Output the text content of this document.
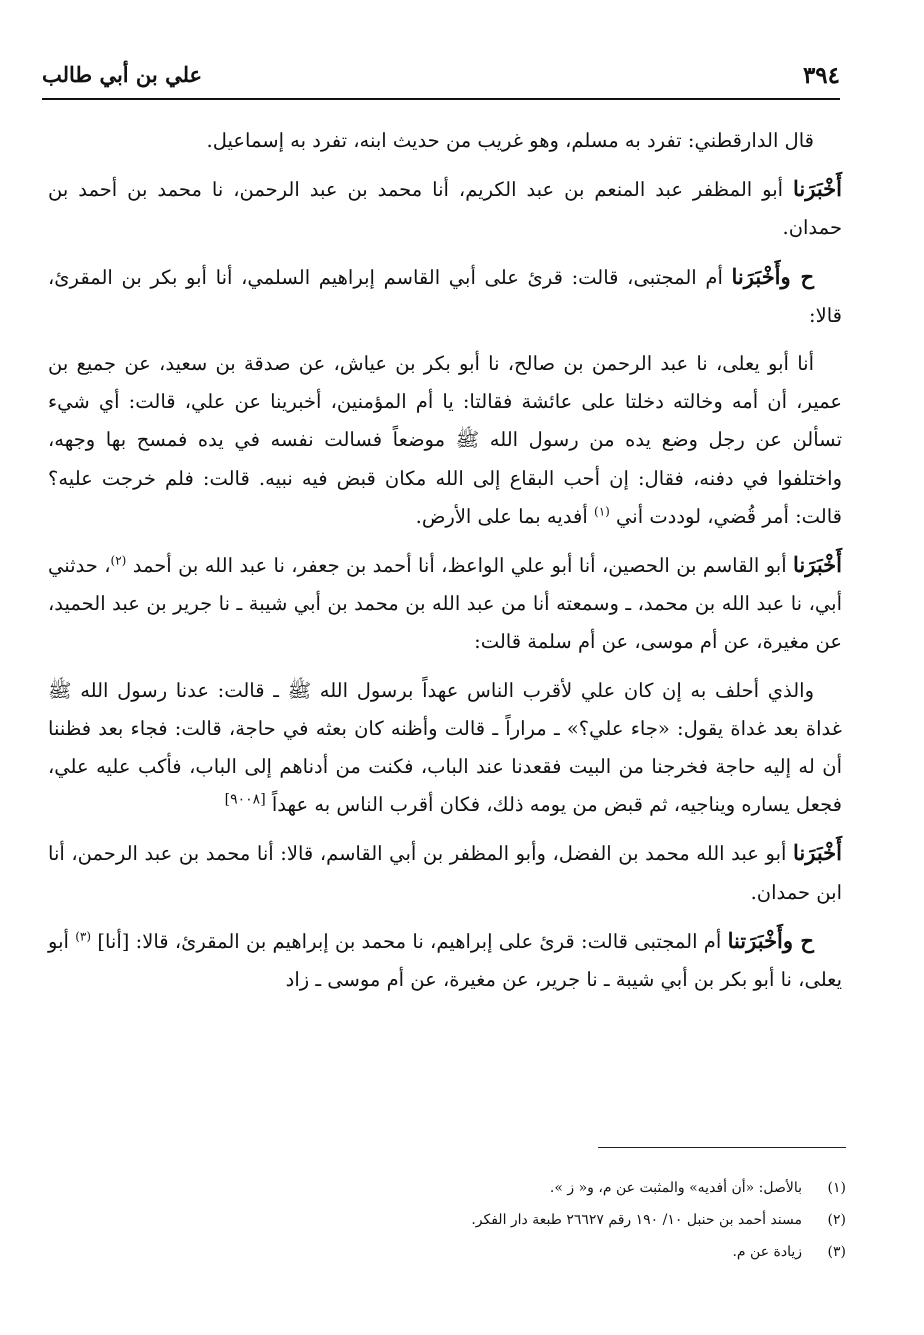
٣٩٤
علي بن أبي طالب

قال الدارقطني: تفرد به مسلم، وهو غريب من حديث ابنه، تفرد به إسماعيل.

أَخْبَرَنا أبو المظفر عبد المنعم بن عبد الكريم، أنا محمد بن عبد الرحمن، نا محمد بن أحمد بن حمدان.

ح وأَخْبَرَنا أم المجتبى، قالت: قرئ على أبي القاسم إبراهيم السلمي، أنا أبو بكر بن المقرئ، قالا:

أنا أبو يعلى، نا عبد الرحمن بن صالح، نا أبو بكر بن عياش، عن صدقة بن سعيد، عن جميع بن عمير، أن أمه وخالته دخلتا على عائشة فقالتا: يا أم المؤمنين، أخبرينا عن علي، قالت: أي شيء تسألن عن رجل وضع يده من رسول الله ﷺ موضعاً فسالت نفسه في يده فمسح بها وجهه، واختلفوا في دفنه، فقال: إن أحب البقاع إلى الله مكان قبض فيه نبيه. قالت: فلم خرجت عليه؟ قالت: أمر قُضي، لوددت أني $^{(١)}$ أفديه بما على الأرض.

أَخْبَرَنا أبو القاسم بن الحصين، أنا أبو علي الواعظ، أنا أحمد بن جعفر، نا عبد الله بن أحمد $^{(٢)}$، حدثني أبي، نا عبد الله بن محمد، ـ وسمعته أنا من عبد الله بن محمد بن أبي شيبة ـ نا جرير بن عبد الحميد، عن مغيرة، عن أم موسى، عن أم سلمة قالت:

والذي أحلف به إن كان علي لأقرب الناس عهداً برسول الله ﷺ ـ قالت: عدنا رسول الله ﷺ غداة بعد غداة يقول: «جاء علي؟» ـ مراراً ـ قالت وأظنه كان بعثه في حاجة، قالت: فجاء بعد فظننا أن له إليه حاجة فخرجنا من البيت فقعدنا عند الباب، فكنت من أدناهم إلى الباب، فأكب عليه علي، فجعل يساره ويناجيه، ثم قبض من يومه ذلك، فكان أقرب الناس به عهداً [٩٠٠٨]

أَخْبَرَنا أبو عبد الله محمد بن الفضل، وأبو المظفر بن أبي القاسم، قالا: أنا محمد بن عبد الرحمن، أنا ابن حمدان.

ح وأَخْبَرَتنا أم المجتبى قالت: قرئ على إبراهيم، نا محمد بن إبراهيم بن المقرئ، قالا: [أنا] $^{(٣)}$ أبو يعلى، نا أبو بكر بن أبي شيبة ـ نا جرير، عن مغيرة، عن أم موسى ـ زاد

(١)
بالأصل: «أن أفديه» والمثبت عن م، و« ز ».
(٢)
مسند أحمد بن حنبل ١٠/ ١٩٠ رقم ٢٦٦٢٧ طبعة دار الفكر.
(٣)
زيادة عن م.
